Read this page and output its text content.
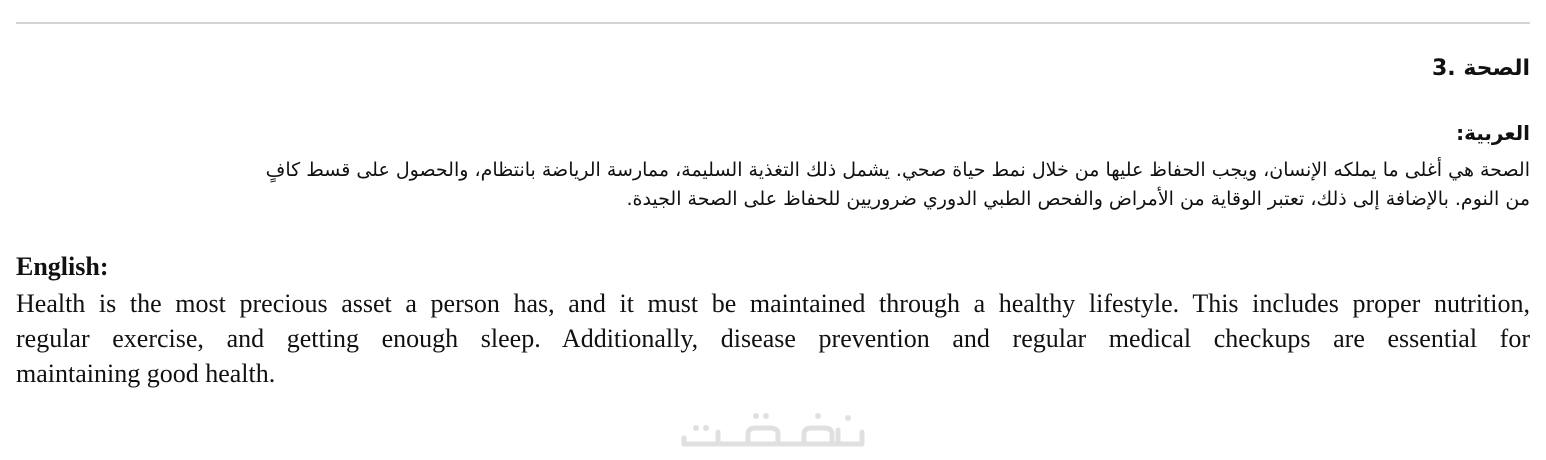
3. الصحة
:العربية
الصحة هي أغلى ما يملكه الإنسان، ويجب الحفاظ عليها من خلال نمط حياة صحي. يشمل ذلك التغذية السليمة، ممارسة الرياضة بانتظام، والحصول على قسط كافٍ
من النوم. بالإضافة إلى ذلك، تعتبر الوقاية من الأمراض والفحص الطبي الدوري ضروريين للحفاظ على الصحة الجيدة.
English:
Health is the most precious asset a person has, and it must be maintained through a healthy lifestyle. This includes proper nutrition,
regular exercise, and getting enough sleep. Additionally, disease prevention and regular medical checkups are essential for
maintaining good health.
